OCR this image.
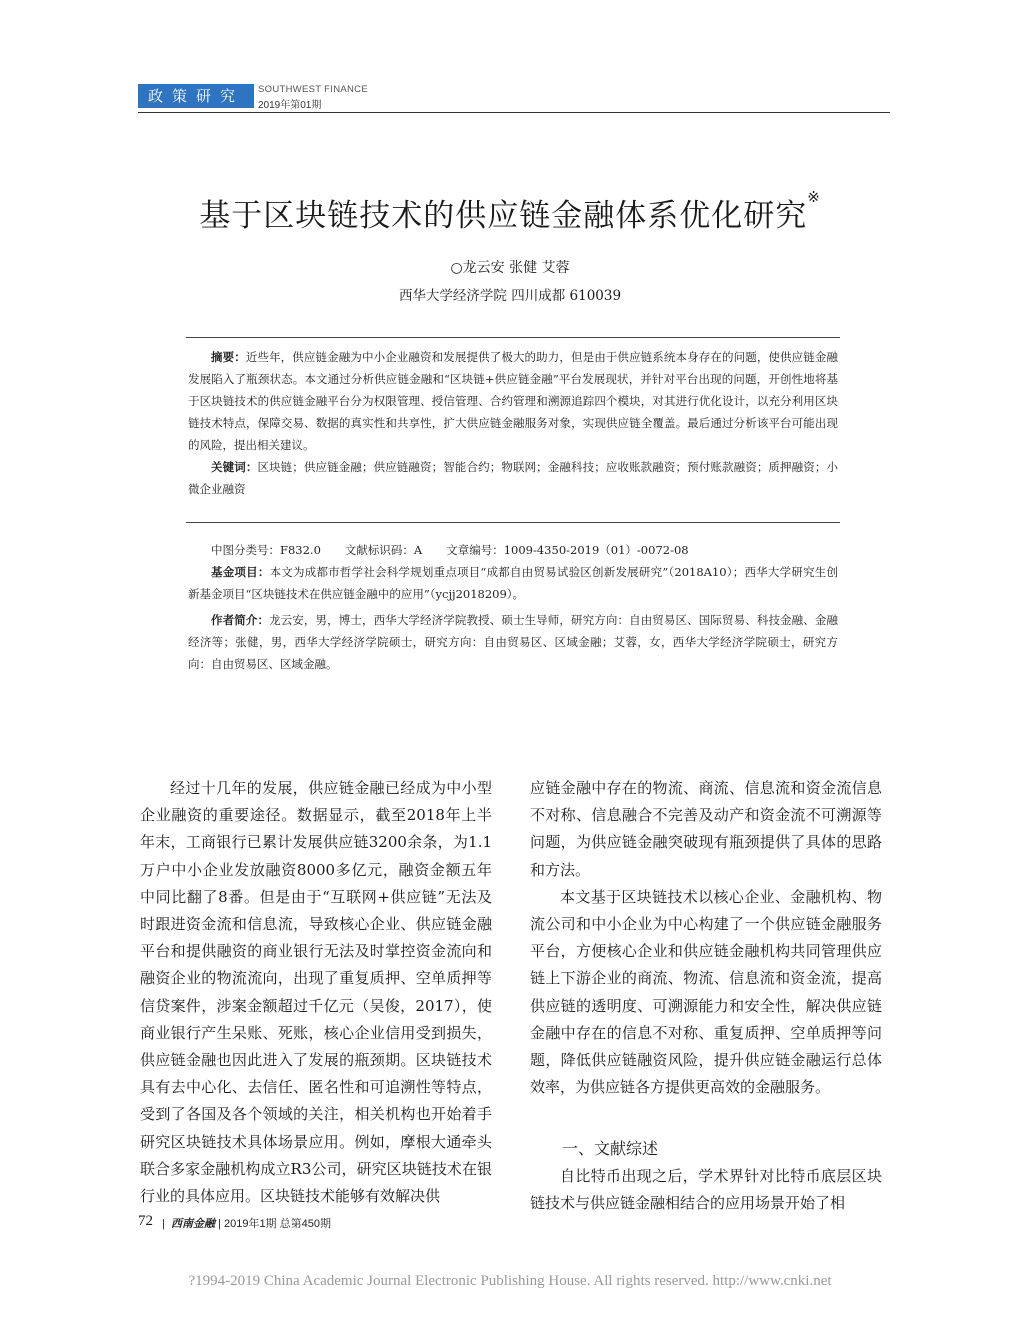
政策研究	SOUTHWEST FINANCE
2019年第01期
基于区块链技术的供应链金融体系优化研究※
○龙云安 张健 艾蓉
西华大学经济学院 四川成都 610039
摘要：近些年，供应链金融为中小企业融资和发展提供了极大的助力，但是由于供应链系统本身存在的问题，使供应链金融发展陷入了瓶颈状态。本文通过分析供应链金融和“区块链+供应链金融”平台发展现状，并针对平台出现的问题，开创性地将基于区块链技术的供应链金融平台分为权限管理、授信管理、合约管理和溯源追踪四个模块，对其进行优化设计，以充分利用区块链技术特点，保障交易、数据的真实性和共享性，扩大供应链金融服务对象，实现供应链全覆盖。最后通过分析该平台可能出现的风险，提出相关建议。
关键词：区块链；供应链金融；供应链融资；智能合约；物联网；金融科技；应收账款融资；预付账款融资；质押融资；小微企业融资
中图分类号：F832.0 文献标识码：A 文章编号：1009-4350-2019（01）-0072-08
基金项目：本文为成都市哲学社会科学规划重点项目“成都自由贸易试验区创新发展研究”（2018A10）；西华大学研究生创新基金项目“区块链技术在供应链金融中的应用”（ycjj2018209）。
作者简介：龙云安，男，博士，西华大学经济学院教授、硕士生导师，研究方向：自由贸易区、国际贸易、科技金融、金融经济等；张健，男，西华大学经济学院硕士，研究方向：自由贸易区、区域金融；艾蓉，女，西华大学经济学院硕士，研究方向：自由贸易区、区域金融。

经过十几年的发展，供应链金融已经成为中小型企业融资的重要途径。数据显示，截至2018年上半年末，工商银行已累计发展供应链3200余条，为1.1万户中小企业发放融资8000多亿元，融资金额五年中同比翻了8番。但是由于“互联网+供应链”无法及时跟进资金流和信息流，导致核心企业、供应链金融平台和提供融资的商业银行无法及时掌控资金流向和融资企业的物流流向，出现了重复质押、空单质押等信贷案件，涉案金额超过千亿元（吴俊，2017），使商业银行产生呆账、死账，核心企业信用受到损失，供应链金融也因此进入了发展的瓶颈期。区块链技术具有去中心化、去信任、匿名性和可追溯性等特点，受到了各国及各个领域的关注，相关机构也开始着手研究区块链技术具体场景应用。例如，摩根大通牵头联合多家金融机构成立R3公司，研究区块链技术在银行业的具体应用。区块链技术能够有效解决供

应链金融中存在的物流、商流、信息流和资金流信息不对称、信息融合不完善及动产和资金流不可溯源等问题，为供应链金融突破现有瓶颈提供了具体的思路和方法。

本文基于区块链技术以核心企业、金融机构、物流公司和中小企业为中心构建了一个供应链金融服务平台，方便核心企业和供应链金融机构共同管理供应链上下游企业的商流、物流、信息流和资金流，提高供应链的透明度、可溯源能力和安全性，解决供应链金融中存在的信息不对称、重复质押、空单质押等问题，降低供应链融资风险，提升供应链金融运行总体效率，为供应链各方提供更高效的金融服务。

一、文献综述

自比特币出现之后，学术界针对比特币底层区块链技术与供应链金融相结合的应用场景开始了相

72 |  西南金融 | 2019年1期 总第450期
?1994-2019 China Academic Journal Electronic Publishing House. All rights reserved. http://www.cnki.net
